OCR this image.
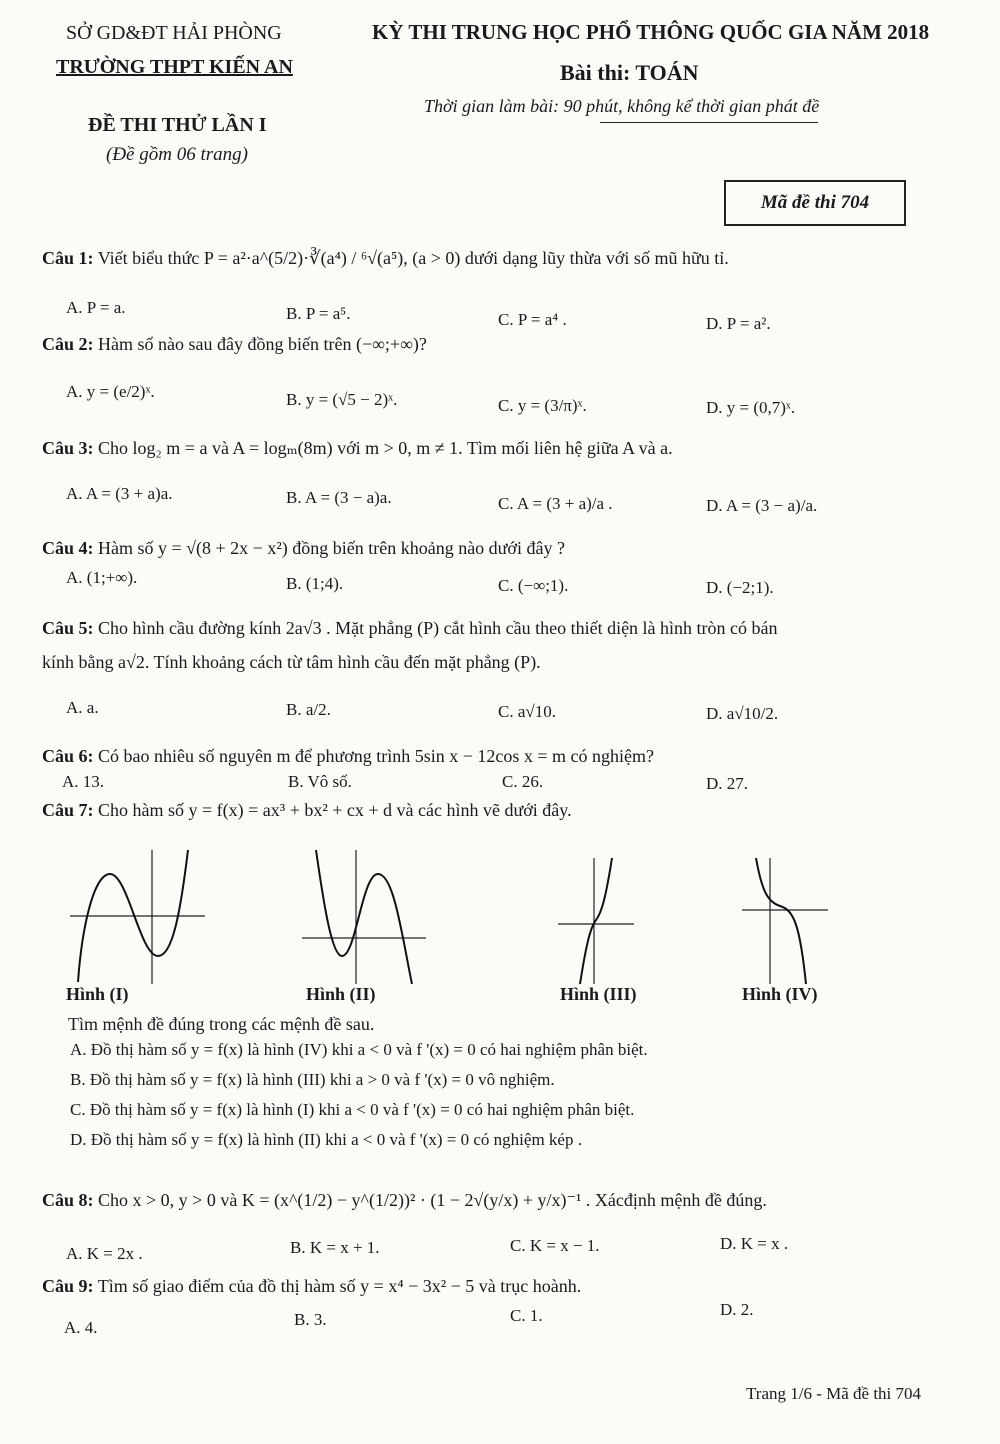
SỞ GD&ĐT HẢI PHÒNG
TRƯỜNG THPT KIẾN AN
ĐỀ THI THỬ LẦN I
(Đề gồm 06 trang)
KỲ THI TRUNG HỌC PHỔ THÔNG QUỐC GIA NĂM 2018
Bài thi: TOÁN
Thời gian làm bài: 90 phút, không kể thời gian phát đề
Mã đề thi 704
Câu 1: Viết biểu thức P = a²·a^(5/2)·∛(a⁴) / ⁶√(a⁵), (a > 0) dưới dạng lũy thừa với số mũ hữu tỉ.
A. P = a.	B. P = a⁵.	C. P = a⁴ .	D. P = a².
Câu 2: Hàm số nào sau đây đồng biến trên (−∞;+∞)?
A. y = (e/2)ˣ.	B. y = (√5 − 2)ˣ.	C. y = (3/π)ˣ.	D. y = (0,7)ˣ.
Câu 3: Cho log₂ m = a và A = logₘ(8m) với m > 0, m ≠ 1. Tìm mối liên hệ giữa A và a.
A. A = (3 + a)a.	B. A = (3 − a)a.	C. A = (3 + a)/a .	D. A = (3 − a)/a.
Câu 4: Hàm số y = √(8 + 2x − x²) đồng biến trên khoảng nào dưới đây ?
A. (1;+∞).	B. (1;4).	C. (−∞;1).	D. (−2;1).
Câu 5: Cho hình cầu đường kính 2a√3 . Mặt phẳng (P) cắt hình cầu theo thiết diện là hình tròn có bán
kính bằng a√2. Tính khoảng cách từ tâm hình cầu đến mặt phẳng (P).
A. a.	B. a/2.	C. a√10.	D. a√10/2.
Câu 6: Có bao nhiêu số nguyên m để phương trình 5sin x − 12cos x = m có nghiệm?
A. 13.	B. Vô số.	C. 26.	D. 27.
Câu 7: Cho hàm số y = f(x) = ax³ + bx² + cx + d và các hình vẽ dưới đây.
Hình (I)	Hình (II)	Hình (III)	Hình (IV)
Tìm mệnh đề đúng trong các mệnh đề sau.
A. Đồ thị hàm số y = f(x) là hình (IV) khi a < 0 và f '(x) = 0 có hai nghiệm phân biệt.
B. Đồ thị hàm số y = f(x) là hình (III) khi a > 0 và f '(x) = 0 vô nghiệm.
C. Đồ thị hàm số y = f(x) là hình (I) khi a < 0 và f '(x) = 0 có hai nghiệm phân biệt.
D. Đồ thị hàm số y = f(x) là hình (II) khi a < 0 và f '(x) = 0 có nghiệm kép .
Câu 8: Cho x > 0, y > 0 và K = (x^(1/2) − y^(1/2))² · (1 − 2√(y/x) + y/x)⁻¹ . Xácđịnh mệnh đề đúng.
A. K = 2x .	B. K = x + 1.	C. K = x − 1.	D. K = x .
Câu 9: Tìm số giao điểm của đồ thị hàm số y = x⁴ − 3x² − 5 và trục hoành.
A. 4.	B. 3.	C. 1.	D. 2.
Trang 1/6 - Mã đề thi 704
